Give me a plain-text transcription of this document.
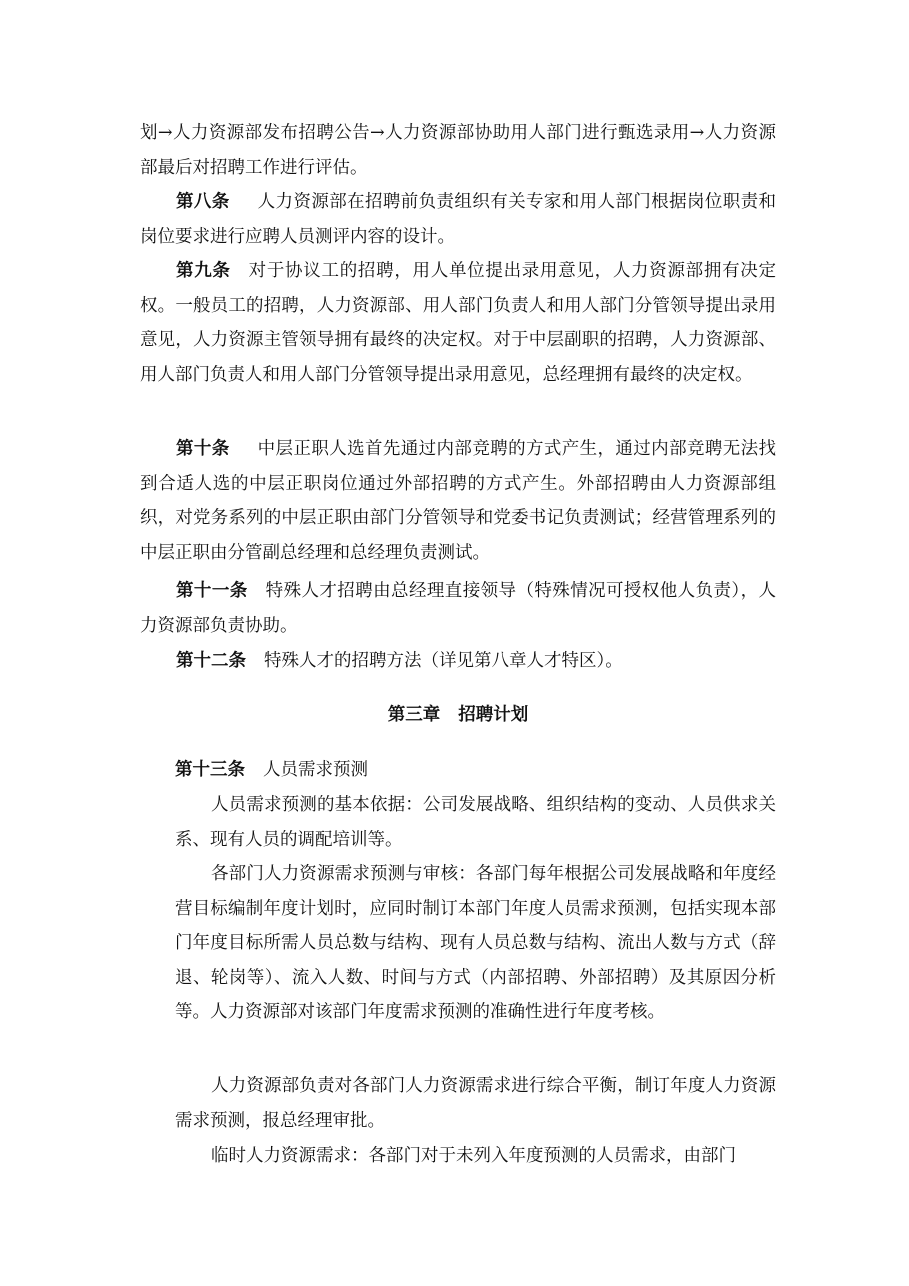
划→人力资源部发布招聘公告→人力资源部协助用人部门进行甄选录用→人力资源部最后对招聘工作进行评估。
第八条 人力资源部在招聘前负责组织有关专家和用人部门根据岗位职责和岗位要求进行应聘人员测评内容的设计。
第九条 对于协议工的招聘，用人单位提出录用意见，人力资源部拥有决定权。一般员工的招聘，人力资源部、用人部门负责人和用人部门分管领导提出录用意见，人力资源主管领导拥有最终的决定权。对于中层副职的招聘，人力资源部、用人部门负责人和用人部门分管领导提出录用意见，总经理拥有最终的决定权。
第十条 中层正职人选首先通过内部竞聘的方式产生，通过内部竞聘无法找到合适人选的中层正职岗位通过外部招聘的方式产生。外部招聘由人力资源部组织，对党务系列的中层正职由部门分管领导和党委书记负责测试；经营管理系列的中层正职由分管副总经理和总经理负责测试。
第十一条 特殊人才招聘由总经理直接领导（特殊情况可授权他人负责），人力资源部负责协助。
第十二条 特殊人才的招聘方法（详见第八章人才特区）。
第三章 招聘计划
第十三条 人员需求预测
人员需求预测的基本依据：公司发展战略、组织结构的变动、人员供求关系、现有人员的调配培训等。
各部门人力资源需求预测与审核：各部门每年根据公司发展战略和年度经营目标编制年度计划时，应同时制订本部门年度人员需求预测，包括实现本部门年度目标所需人员总数与结构、现有人员总数与结构、流出人数与方式（辞退、轮岗等）、流入人数、时间与方式（内部招聘、外部招聘）及其原因分析等。人力资源部对该部门年度需求预测的准确性进行年度考核。
人力资源部负责对各部门人力资源需求进行综合平衡，制订年度人力资源需求预测，报总经理审批。
临时人力资源需求：各部门对于未列入年度预测的人员需求，由部门
